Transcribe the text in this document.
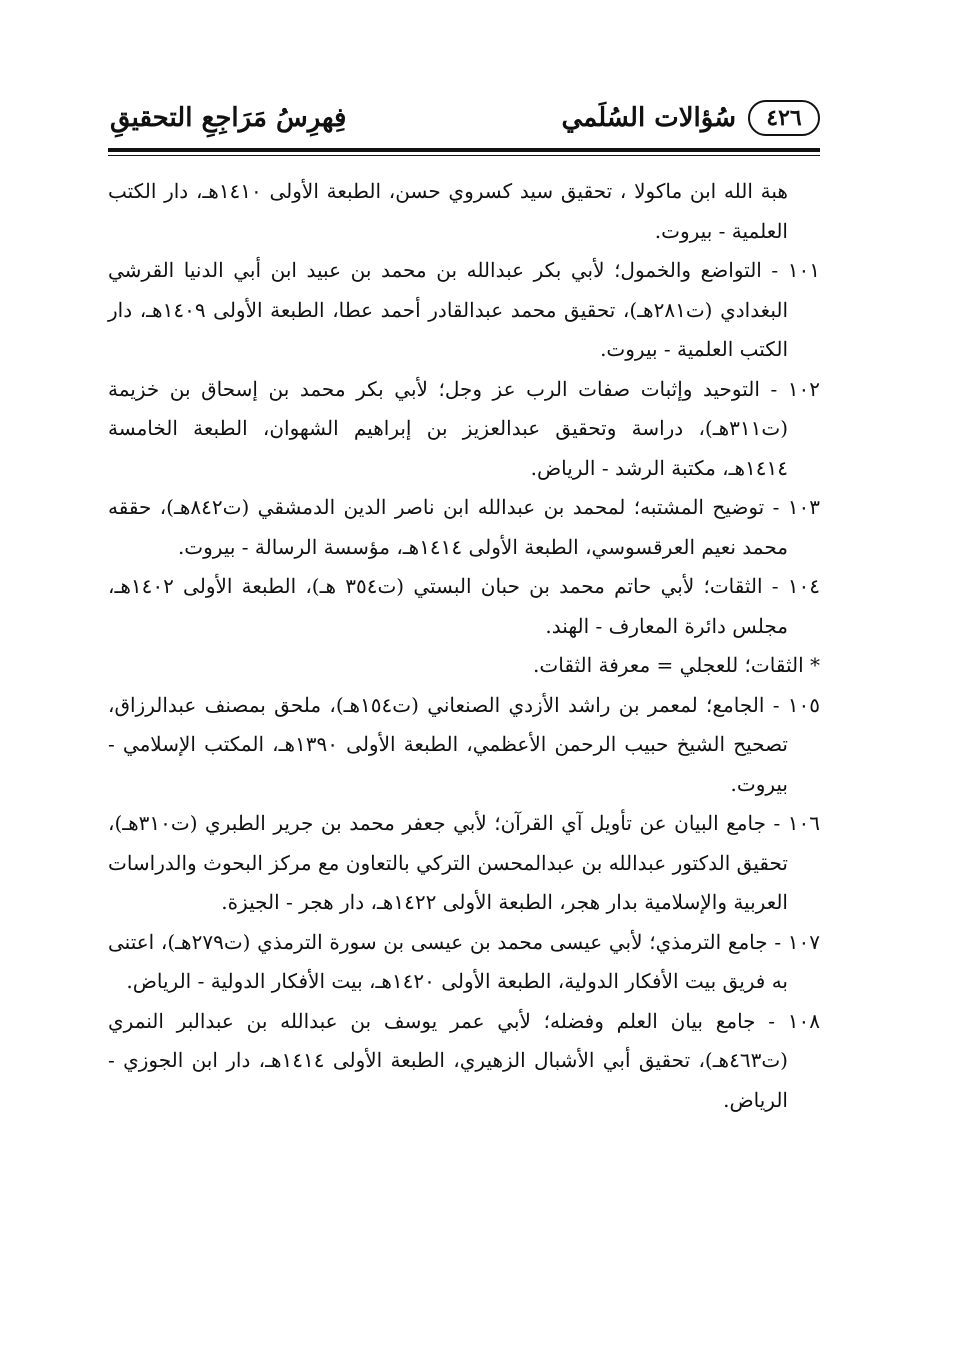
٤٢٦
سُؤالات السُلَمي
فِهرِسُ مَرَاجِعِ التحقيقِ

هبة الله ابن ماكولا ، تحقيق سيد كسروي حسن، الطبعة الأولى ١٤١٠هـ، دار الكتب العلمية - بيروت.

١٠١ - التواضع والخمول؛ لأبي بكر عبدالله بن محمد بن عبيد ابن أبي الدنيا القرشي البغدادي (ت٢٨١هـ)، تحقيق محمد عبدالقادر أحمد عطا، الطبعة الأولى ١٤٠٩هـ، دار الكتب العلمية - بيروت.

١٠٢ - التوحيد وإثبات صفات الرب عز وجل؛ لأبي بكر محمد بن إسحاق بن خزيمة (ت٣١١هـ)، دراسة وتحقيق عبدالعزيز بن إبراهيم الشهوان، الطبعة الخامسة ١٤١٤هـ، مكتبة الرشد - الرياض.

١٠٣ - توضيح المشتبه؛ لمحمد بن عبدالله ابن ناصر الدين الدمشقي (ت٨٤٢هـ)، حققه محمد نعيم العرقسوسي، الطبعة الأولى ١٤١٤هـ، مؤسسة الرسالة - بيروت.

١٠٤ - الثقات؛ لأبي حاتم محمد بن حبان البستي (ت٣٥٤ هـ)، الطبعة الأولى ١٤٠٢هـ، مجلس دائرة المعارف - الهند.

* الثقات؛ للعجلي = معرفة الثقات.

١٠٥ - الجامع؛ لمعمر بن راشد الأزدي الصنعاني (ت١٥٤هـ)، ملحق بمصنف عبدالرزاق، تصحيح الشيخ حبيب الرحمن الأعظمي، الطبعة الأولى ١٣٩٠هـ، المكتب الإسلامي - بيروت.

١٠٦ - جامع البيان عن تأويل آي القرآن؛ لأبي جعفر محمد بن جرير الطبري (ت٣١٠هـ)، تحقيق الدكتور عبدالله بن عبدالمحسن التركي بالتعاون مع مركز البحوث والدراسات العربية والإسلامية بدار هجر، الطبعة الأولى ١٤٢٢هـ، دار هجر - الجيزة.

١٠٧ - جامع الترمذي؛ لأبي عيسى محمد بن عيسى بن سورة الترمذي (ت٢٧٩هـ)، اعتنى به فريق بيت الأفكار الدولية، الطبعة الأولى ١٤٢٠هـ، بيت الأفكار الدولية - الرياض.

١٠٨ - جامع بيان العلم وفضله؛ لأبي عمر يوسف بن عبدالله بن عبدالبر النمري (ت٤٦٣هـ)، تحقيق أبي الأشبال الزهيري، الطبعة الأولى ١٤١٤هـ، دار ابن الجوزي - الرياض.
